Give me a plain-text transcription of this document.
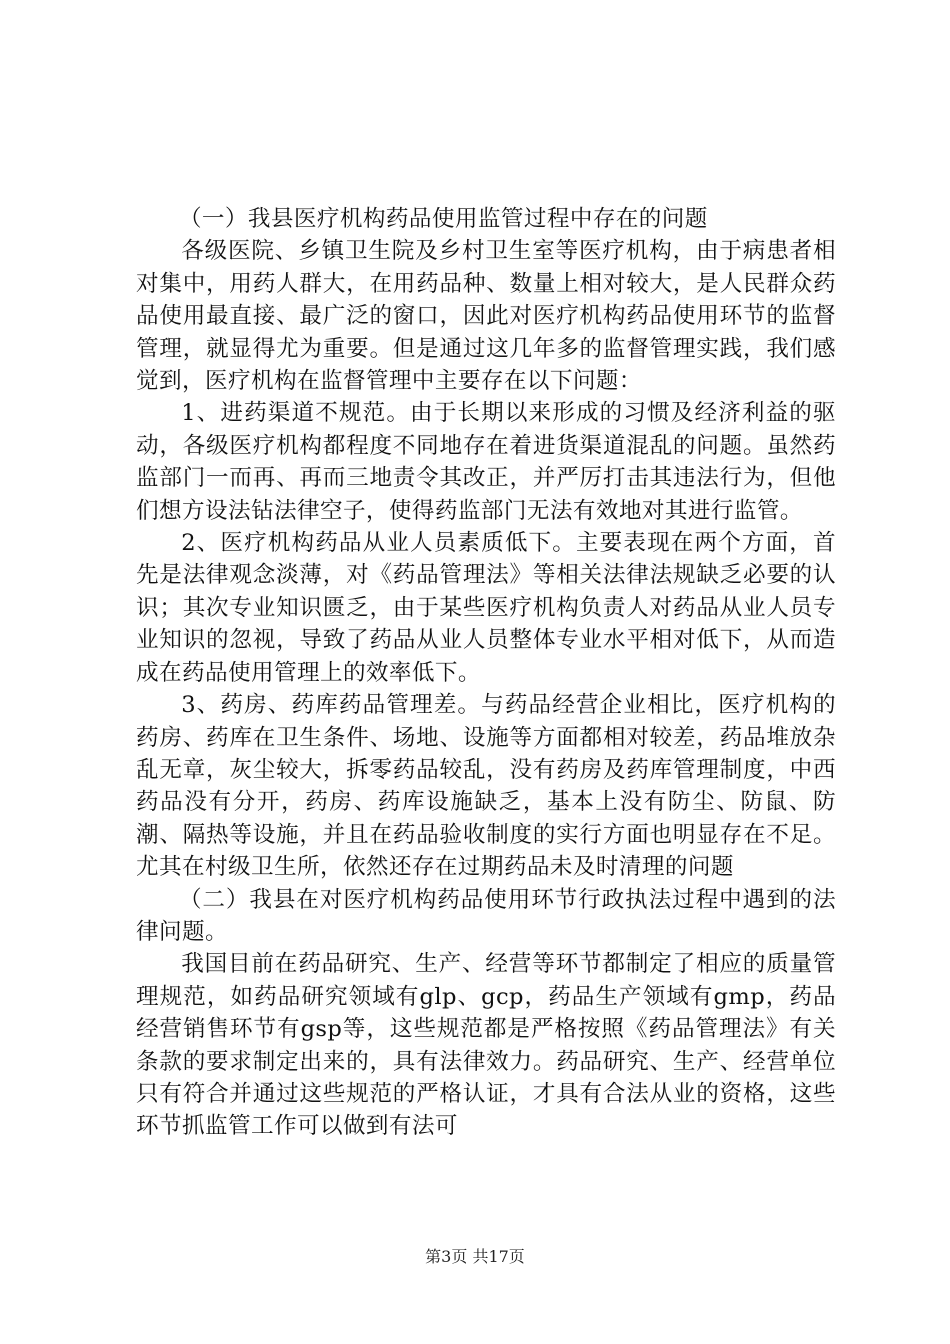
（一）我县医疗机构药品使用监管过程中存在的问题

各级医院、乡镇卫生院及乡村卫生室等医疗机构，由于病患者相对集中，用药人群大，在用药品种、数量上相对较大，是人民群众药品使用最直接、最广泛的窗口，因此对医疗机构药品使用环节的监督管理，就显得尤为重要。但是通过这几年多的监督管理实践，我们感觉到，医疗机构在监督管理中主要存在以下问题：

1、进药渠道不规范。由于长期以来形成的习惯及经济利益的驱动，各级医疗机构都程度不同地存在着进货渠道混乱的问题。虽然药监部门一而再、再而三地责令其改正，并严厉打击其违法行为，但他们想方设法钻法律空子，使得药监部门无法有效地对其进行监管。

2、医疗机构药品从业人员素质低下。主要表现在两个方面，首先是法律观念淡薄，对《药品管理法》等相关法律法规缺乏必要的认识；其次专业知识匮乏，由于某些医疗机构负责人对药品从业人员专业知识的忽视，导致了药品从业人员整体专业水平相对低下，从而造成在药品使用管理上的效率低下。

3、药房、药库药品管理差。与药品经营企业相比，医疗机构的药房、药库在卫生条件、场地、设施等方面都相对较差，药品堆放杂乱无章，灰尘较大，拆零药品较乱，没有药房及药库管理制度，中西药品没有分开，药房、药库设施缺乏，基本上没有防尘、防鼠、防潮、隔热等设施，并且在药品验收制度的实行方面也明显存在不足。尤其在村级卫生所，依然还存在过期药品未及时清理的问题

（二）我县在对医疗机构药品使用环节行政执法过程中遇到的法律问题。

我国目前在药品研究、生产、经营等环节都制定了相应的质量管理规范，如药品研究领域有glp、gcp，药品生产领域有gmp，药品经营销售环节有gsp等，这些规范都是严格按照《药品管理法》有关条款的要求制定出来的，具有法律效力。药品研究、生产、经营单位只有符合并通过这些规范的严格认证，才具有合法从业的资格，这些环节抓监管工作可以做到有法可

第3页 共17页
